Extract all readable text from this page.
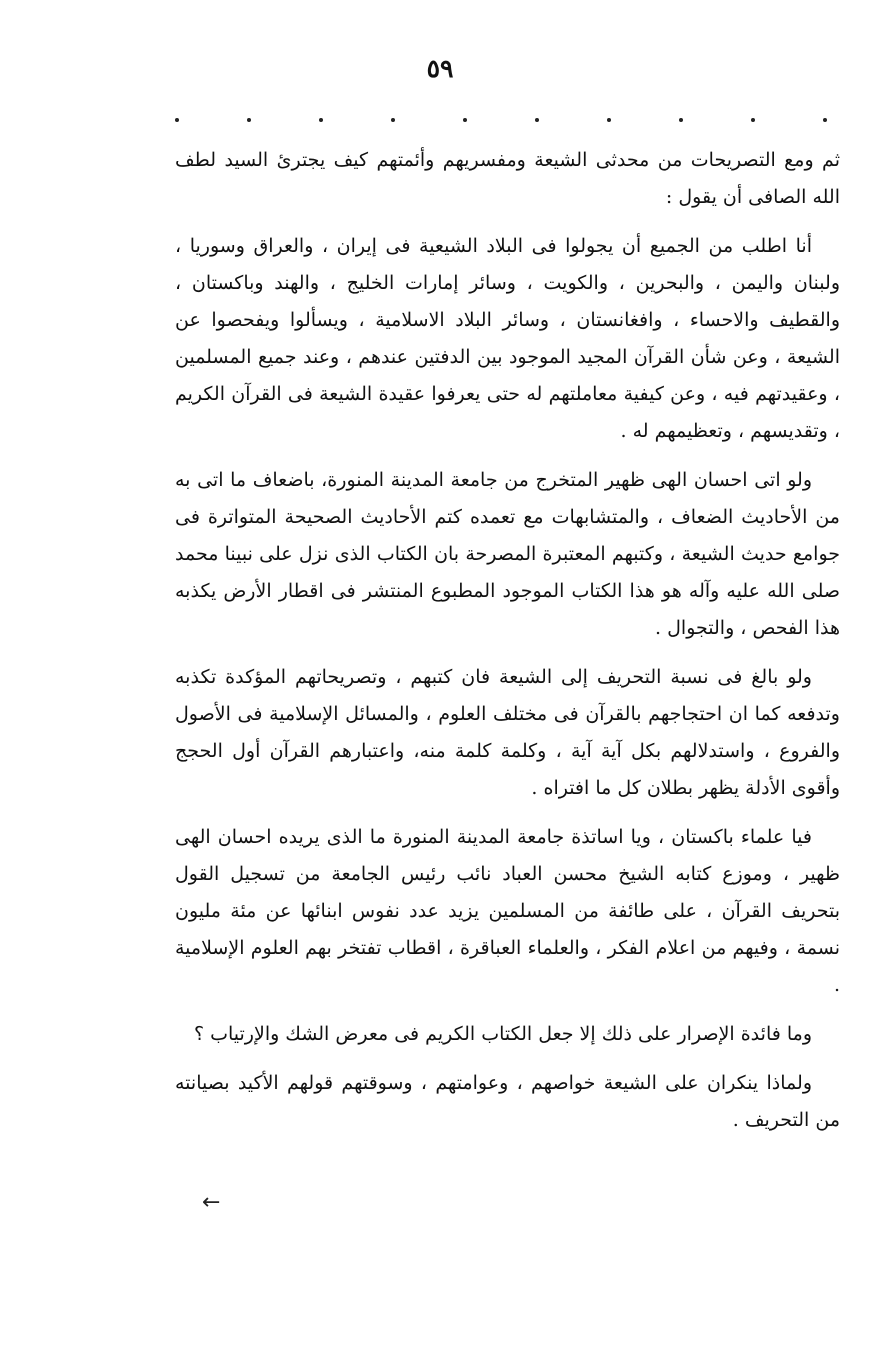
٥٩

ثم ومع التصريحات من محدثى الشيعة ومفسريهم وأئمتهم كيف يجترئ السيد لطف الله الصافى أن يقول :

أنا اطلب من الجميع أن يجولوا فى البلاد الشيعية فى إيران ، والعراق وسوريا ، ولبنان واليمن ، والبحرين ، والكويت ، وسائر إمارات الخليج ، والهند وباكستان ، والقطيف والاحساء ، وافغانستان ، وسائر البلاد الاسلامية ، ويسألوا ويفحصوا عن الشيعة ، وعن شأن القرآن المجيد الموجود بين الدفتين عندهم ، وعند جميع المسلمين ، وعقيدتهم فيه ، وعن كيفية معاملتهم له حتى يعرفوا عقيدة الشيعة فى القرآن الكريم ، وتقديسهم ، وتعظيمهم له .

ولو اتى احسان الهى ظهير المتخرج من جامعة المدينة المنورة، باضعاف ما اتى به من الأحاديث الضعاف ، والمتشابهات مع تعمده كتم الأحاديث الصحيحة المتواترة فى جوامع حديث الشيعة ، وكتبهم المعتبرة المصرحة بان الكتاب الذى نزل على نبينا محمد صلى الله عليه وآله هو هذا الكتاب الموجود المطبوع المنتشر فى اقطار الأرض يكذبه هذا الفحص ، والتجوال .

ولو بالغ فى نسبة التحريف إلى الشيعة فان كتبهم ، وتصريحاتهم المؤكدة تكذبه وتدفعه كما ان احتجاجهم بالقرآن فى مختلف العلوم ، والمسائل الإسلامية فى الأصول والفروع ، واستدلالهم بكل آية آية ، وكلمة كلمة منه، واعتبارهم القرآن أول الحجج وأقوى الأدلة يظهر بطلان كل ما افتراه .

فيا علماء باكستان ، ويا اساتذة جامعة المدينة المنورة ما الذى يريده احسان الهى ظهير ، وموزع كتابه الشيخ محسن العباد نائب رئيس الجامعة من تسجيل القول بتحريف القرآن ، على طائفة من المسلمين يزيد عدد نفوس ابنائها عن مئة مليون نسمة ، وفيهم من اعلام الفكر ، والعلماء العباقرة ، اقطاب تفتخر بهم العلوم الإسلامية .

وما فائدة الإصرار على ذلك إلا جعل الكتاب الكريم فى معرض الشك والإرتياب ؟

ولماذا ينكران على الشيعة خواصهم ، وعوامتهم ، وسوقتهم قولهم الأكيد بصيانته من التحريف .

←
